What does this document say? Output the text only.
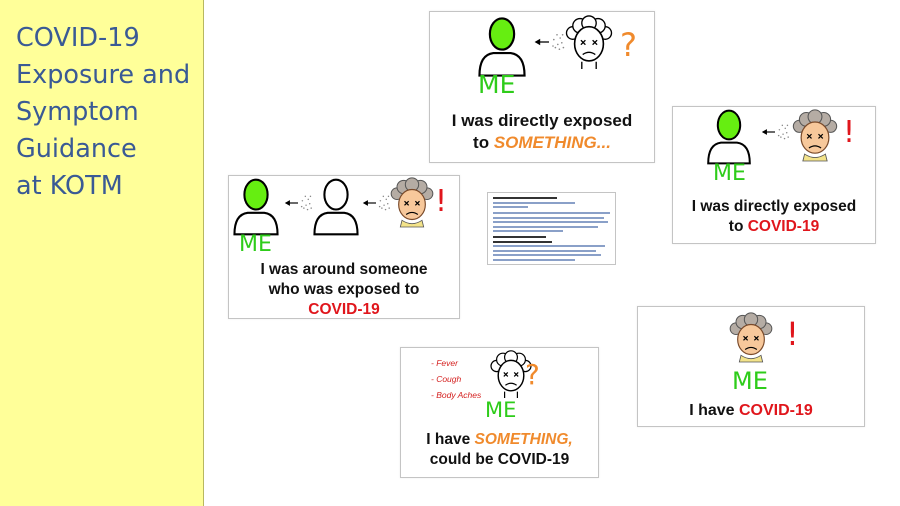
COVID-19
Exposure and
Symptom
Guidance
at KOTM
?
ME
I was directly exposed
to SOMETHING...	!
ME
I was directly exposed
to COVID-19
!
ME
I was around someone
who was exposed to
COVID-19
- Fever
- Cough
- Body Aches
?
ME
I have SOMETHING,
could be COVID-19
!
ME
I have COVID-19
